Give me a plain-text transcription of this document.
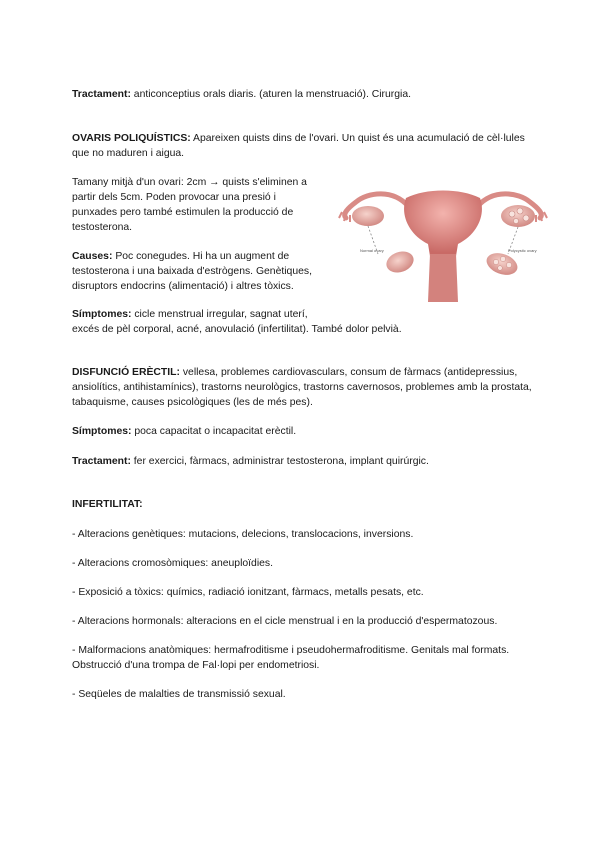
Tractament: anticonceptius orals diaris. (aturen la menstruació). Cirurgia.

OVARIS POLIQUÍSTICS: Apareixen quists dins de l'ovari. Un quist és una acumulació de cèl·lules que no maduren i aigua.

Tamany mitjà d'un ovari: 2cm → quists s'eliminen a

partir dels 5cm. Poden provocar una presió i

punxades pero també estimulen la producció de

testosterona.

Causes: Poc conegudes. Hi ha un augment de

testosterona i una baixada d'estrògens. Genètiques,

disruptors endocrins (alimentació) i altres tòxics.

Símptomes: cicle menstrual irregular, sagnat uterí,

excés de pèl corporal, acné, anovulació (infertilitat). També dolor pelvià.

Normal ovary	Polycystic ovary

DISFUNCIÓ ERÈCTIL: vellesa, problemes cardiovasculars, consum de fàrmacs (antidepressius, ansiolítics, antihistamínics), trastorns neurològics, trastorns cavernosos, problemes amb la prostata, tabaquisme, causes psicològiques (les de més pes).

Símptomes: poca capacitat o incapacitat erèctil.

Tractament: fer exercici, fàrmacs, administrar testosterona, implant quirúrgic.

INFERTILITAT:

- Alteracions genètiques: mutacions, delecions, translocacions, inversions.

- Alteracions cromosòmiques: aneuploïdies.

- Exposició a tòxics: químics, radiació ionitzant, fàrmacs, metalls pesats, etc.

- Alteracions hormonals: alteracions en el cicle menstrual i en la producció d'espermatozous.

- Malformacions anatòmiques: hermafroditisme i pseudohermafroditisme. Genitals mal formats. Obstrucció d'una trompa de Fal·lopi per endometriosi.

- Seqüeles de malalties de transmissió sexual.
